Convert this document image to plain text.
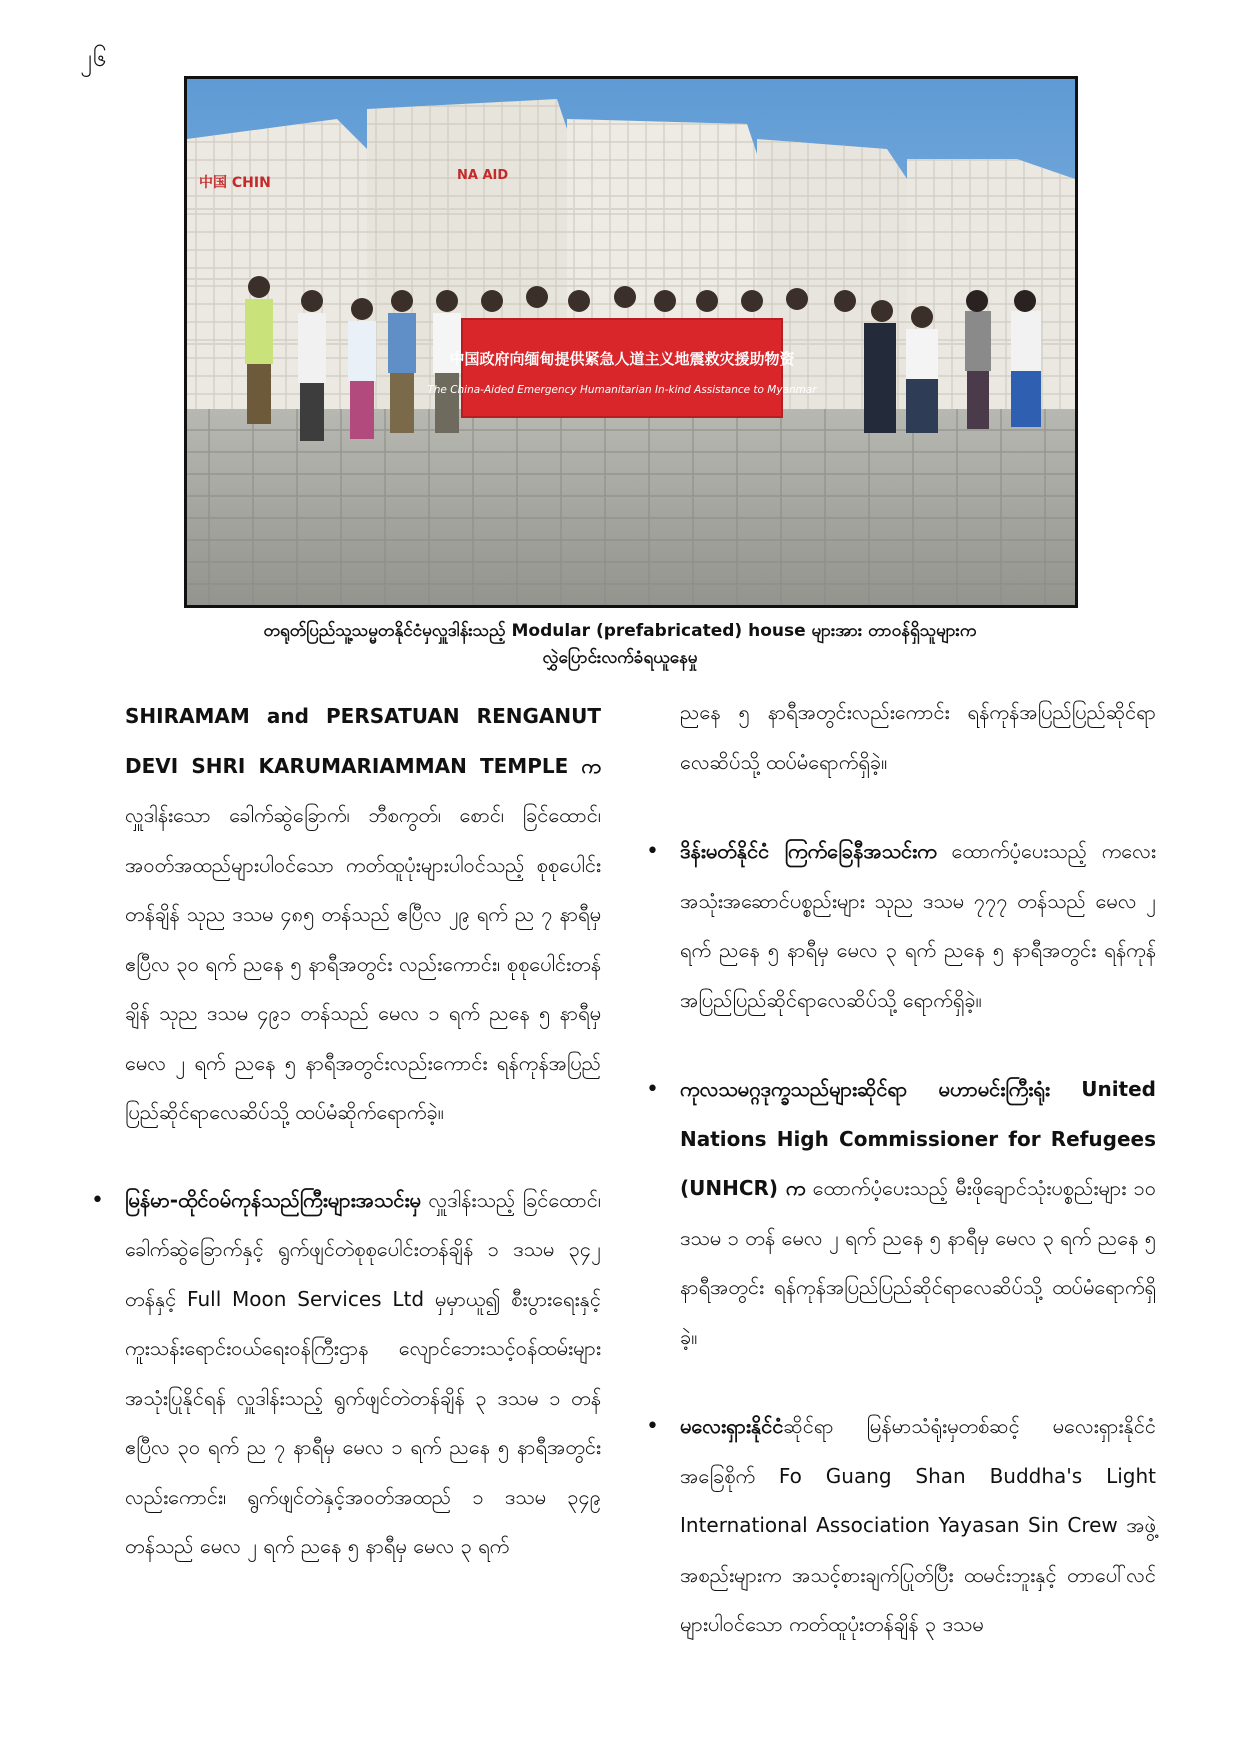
၂၆
中国 CHIN	NA AID
中国政府向缅甸提供紧急人道主义地震救灾援助物资
The China-Aided Emergency Humanitarian In-kind Assistance to Myanmar
တရုတ်ပြည်သူ့သမ္မတနိုင်ငံမှလှူဒါန်းသည့် Modular (prefabricated) house များအား တာဝန်ရှိသူများက
လွှဲပြောင်းလက်ခံရယူနေမှု

SHIRAMAM and PERSATUAN RENGANUT DEVI SHRI KARUMARIAMMAN TEMPLE က လှူဒါန်းသော ခေါက်ဆွဲခြောက်၊ ဘီစကွတ်၊ စောင်၊ ခြင်ထောင်၊ အဝတ်အထည်များပါဝင်သော ကတ်ထူပုံးများပါဝင်သည့် စုစုပေါင်းတန်ချိန် သုည ဒသမ ၄၈၅ တန်သည် ဧပြီလ ၂၉ ရက် ည ၇ နာရီမှ ဧပြီလ ၃၀ ရက် ညနေ ၅ နာရီအတွင်း လည်းကောင်း၊ စုစုပေါင်းတန်ချိန် သုည ဒသမ ၄၉၁ တန်သည် မေလ ၁ ရက် ညနေ ၅ နာရီမှ မေလ ၂ ရက် ညနေ ၅ နာရီအတွင်းလည်းကောင်း ရန်ကုန်အပြည်ပြည်ဆိုင်ရာလေဆိပ်သို့ ထပ်မံဆိုက်ရောက်ခဲ့။

• မြန်မာ-ထိုင်ဝမ်ကုန်သည်ကြီးများအသင်းမှ လှူဒါန်းသည့် ခြင်ထောင်၊ ခေါက်ဆွဲခြောက်နှင့် ရွက်ဖျင်တဲစုစုပေါင်းတန်ချိန် ၁ ဒသမ ၃၄၂ တန်နှင့် Full Moon Services Ltd မှမှာယူ၍ စီးပွားရေးနှင့်ကူးသန်းရောင်းဝယ်ရေးဝန်ကြီးဌာန လျောင်ဘေးသင့်ဝန်ထမ်းများအသုံးပြုနိုင်ရန် လှူဒါန်းသည့် ရွက်ဖျင်တဲတန်ချိန် ၃ ဒသမ ၁ တန် ဧပြီလ ၃၀ ရက် ည ၇ နာရီမှ မေလ ၁ ရက် ညနေ ၅ နာရီအတွင်းလည်းကောင်း၊ ရွက်ဖျင်တဲနှင့်အဝတ်အထည် ၁ ဒသမ ၃၄၉ တန်သည် မေလ ၂ ရက် ညနေ ၅ နာရီမှ မေလ ၃ ရက်

ညနေ ၅ နာရီအတွင်းလည်းကောင်း ရန်ကုန်အပြည်ပြည်ဆိုင်ရာလေဆိပ်သို့ ထပ်မံရောက်ရှိခဲ့။

• ဒိန်းမတ်နိုင်ငံ ကြက်ခြေနီအသင်းက ထောက်ပံ့ပေးသည့် ကလေးအသုံးအဆောင်ပစ္စည်းများ သုည ဒသမ ၇၇၇ တန်သည် မေလ ၂ ရက် ညနေ ၅ နာရီမှ မေလ ၃ ရက် ညနေ ၅ နာရီအတွင်း ရန်ကုန်အပြည်ပြည်ဆိုင်ရာလေဆိပ်သို့ ရောက်ရှိခဲ့။

• ကုလသမဂ္ဂဒုက္ခသည်များဆိုင်ရာ မဟာမင်းကြီးရုံး United Nations High Commissioner for Refugees (UNHCR) က ထောက်ပံ့ပေးသည့် မီးဖိုချောင်သုံးပစ္စည်းများ ၁၀ ဒသမ ၁ တန် မေလ ၂ ရက် ညနေ ၅ နာရီမှ မေလ ၃ ရက် ညနေ ၅ နာရီအတွင်း ရန်ကုန်အပြည်ပြည်ဆိုင်ရာလေဆိပ်သို့ ထပ်မံရောက်ရှိခဲ့။

• မလေးရှားနိုင်ငံဆိုင်ရာ မြန်မာသံရုံးမှတစ်ဆင့် မလေးရှားနိုင်ငံအခြေစိုက် Fo Guang Shan Buddha's Light International Association Yayasan Sin Crew အဖွဲ့အစည်းများက အသင့်စားချက်ပြုတ်ပြီး ထမင်းဘူးနှင့် တာပေါ်လင်များပါဝင်သော ကတ်ထူပုံးတန်ချိန် ၃ ဒသမ
